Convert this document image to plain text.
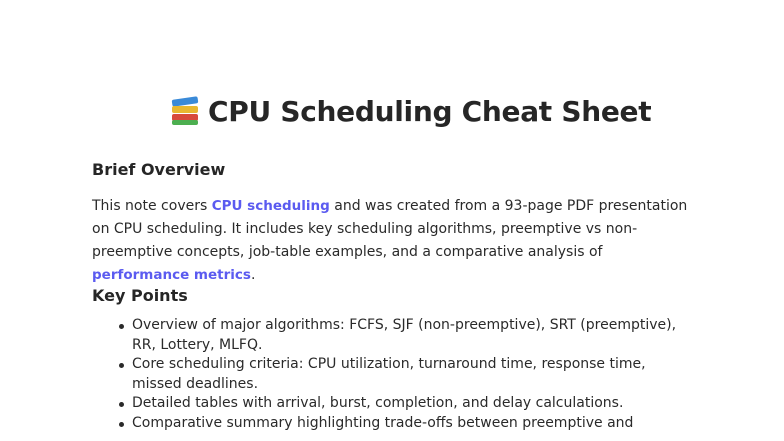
CPU Scheduling Cheat Sheet
Brief Overview
This note covers CPU scheduling and was created from a 93-page PDF presentation on CPU scheduling. It includes key scheduling algorithms, preemptive vs non-preemptive concepts, job-table examples, and a comparative analysis of performance metrics.
Key Points
Overview of major algorithms: FCFS, SJF (non-preemptive), SRT (preemptive), RR, Lottery, MLFQ.
Core scheduling criteria: CPU utilization, turnaround time, response time, missed deadlines.
Detailed tables with arrival, burst, completion, and delay calculations.
Comparative summary highlighting trade-offs between preemptive and
